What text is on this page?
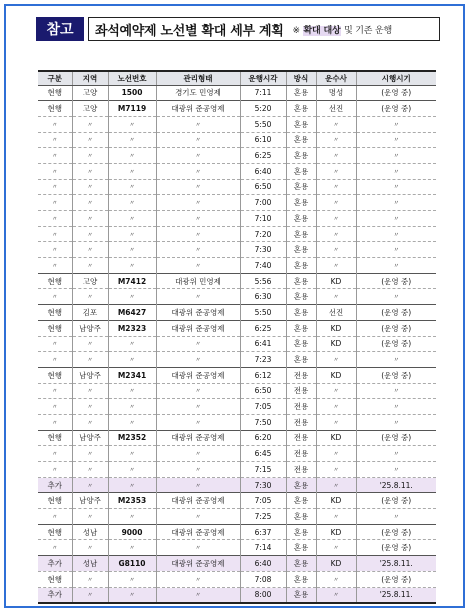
참고	좌석예약제 노선별 확대 세부 계획 ※ 확대 대상 및 기존 운행
구분	지역	노선번호	관리형태	운행시각	방식	운수사	시행시기
현행	고양	1500	경기도 민영제	7:11	혼용	명성	(운영 중)
현행	고양	M7119	대광위 준공영제	5:20	혼용	선진	(운영 중)
〃	〃	〃	〃	5:50	혼용	〃	〃
〃	〃	〃	〃	6:10	혼용	〃	〃
〃	〃	〃	〃	6:25	혼용	〃	〃
〃	〃	〃	〃	6:40	혼용	〃	〃
〃	〃	〃	〃	6:50	혼용	〃	〃
〃	〃	〃	〃	7:00	혼용	〃	〃
〃	〃	〃	〃	7:10	혼용	〃	〃
〃	〃	〃	〃	7:20	혼용	〃	〃
〃	〃	〃	〃	7:30	혼용	〃	〃
〃	〃	〃	〃	7:40	혼용	〃	〃
현행	고양	M7412	대광위 민영제	5:56	혼용	KD	(운영 중)
〃	〃	〃	〃	6:30	혼용	〃	〃
현행	김포	M6427	대광위 준공영제	5:50	혼용	선진	(운영 중)
현행	남양주	M2323	대광위 준공영제	6:25	혼용	KD	(운영 중)
〃	〃	〃	〃	6:41	혼용	KD	(운영 중)
〃	〃	〃	〃	7:23	혼용	〃	〃
현행	남양주	M2341	대광위 준공영제	6:12	전용	KD	(운영 중)
〃	〃	〃	〃	6:50	전용	〃	〃
〃	〃	〃	〃	7:05	전용	〃	〃
〃	〃	〃	〃	7:50	전용	〃	〃
현행	남양주	M2352	대광위 준공영제	6:20	전용	KD	(운영 중)
〃	〃	〃	〃	6:45	전용	〃	〃
〃	〃	〃	〃	7:15	전용	〃	〃
추가	〃	〃	〃	7:30	혼용	〃	'25.8.11.
현행	남양주	M2353	대광위 준공영제	7:05	혼용	KD	(운영 중)
〃	〃	〃	〃	7:25	혼용	〃	〃
현행	성남	9000	대광위 준공영제	6:37	혼용	KD	(운영 중)
〃	〃	〃	〃	7:14	혼용	〃	(운영 중)
추가	성남	G8110	대광위 준공영제	6:40	혼용	KD	'25.8.11.
현행	〃	〃	〃	7:08	혼용	〃	(운영 중)
추가	〃	〃	〃	8:00	혼용	〃	'25.8.11.
